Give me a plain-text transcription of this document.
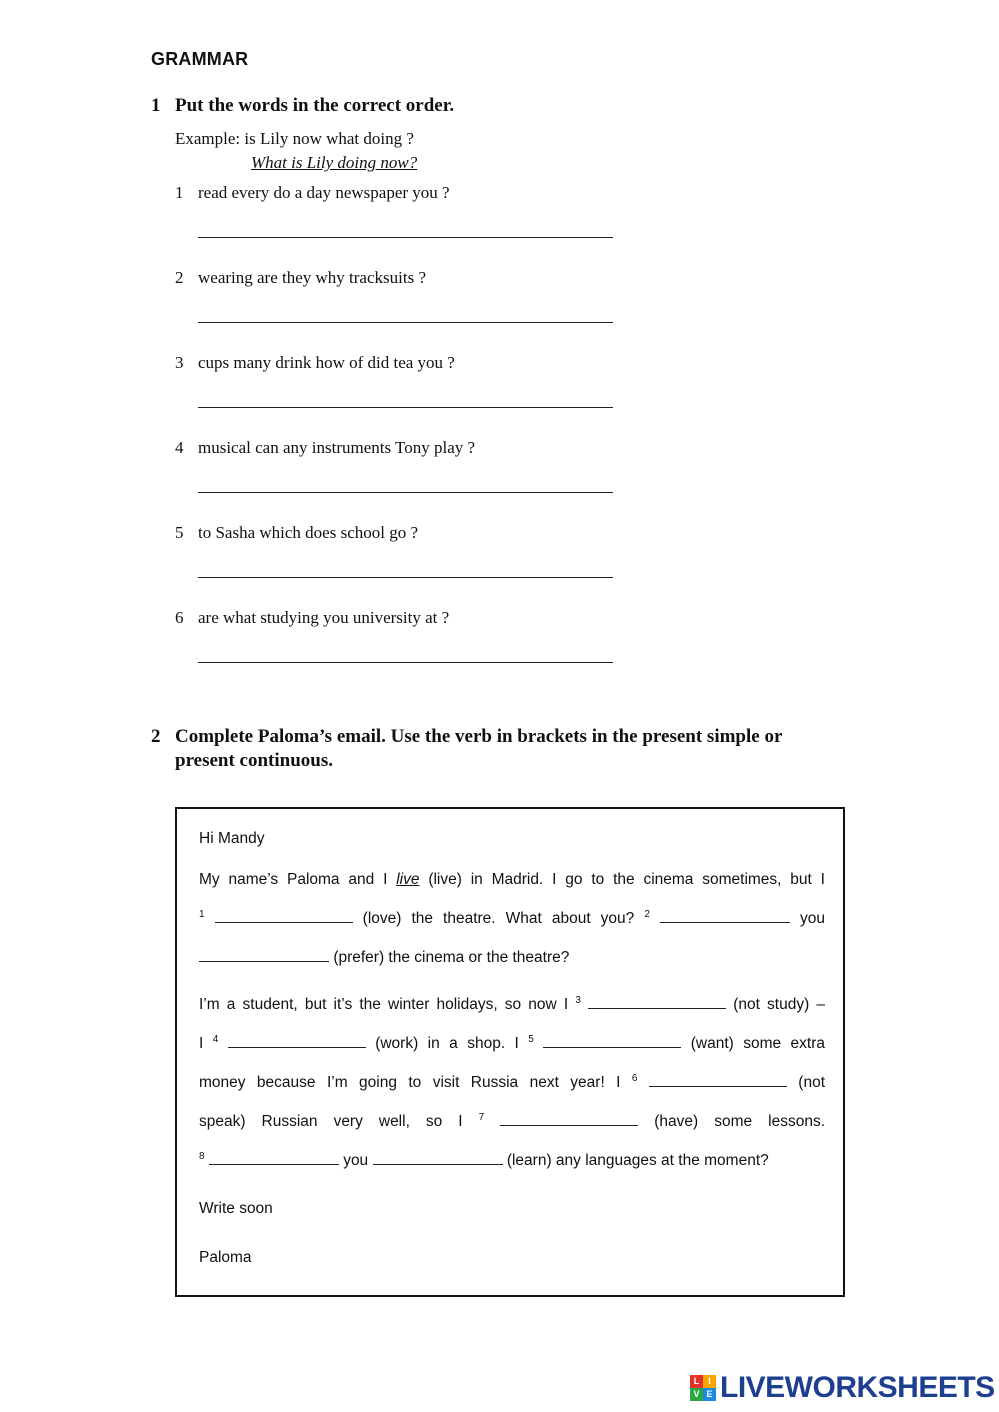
GRAMMAR
1 Put the words in the correct order.
Example: is Lily now what doing ?
What is Lily doing now?
1 read every do a day newspaper you ?
2 wearing are they why tracksuits ?
3 cups many drink how of did tea you ?
4 musical can any instruments Tony play ?
5 to Sasha which does school go ?
6 are what studying you university at ?
2 Complete Paloma’s email. Use the verb in brackets in the present simple or
present continuous.
Hi Mandy
My name’s Paloma and I live (live) in Madrid. I go to the cinema sometimes, but I
$^1$	(love) the theatre. What about you? $^2$	you
(prefer) the cinema or the theatre?
I’m a student, but it’s the winter holidays, so now I $^3$	(not study) –
I $^4$	(work) in a shop. I $^5$	(want) some extra
money because I’m going to visit Russia next year! I $^6$	(not
speak) Russian very well, so I $^7$	(have) some lessons.
$^8$	you	(learn) any languages at the moment?
Write soon
Paloma
L I
V E LIVEWORKSHEETS
